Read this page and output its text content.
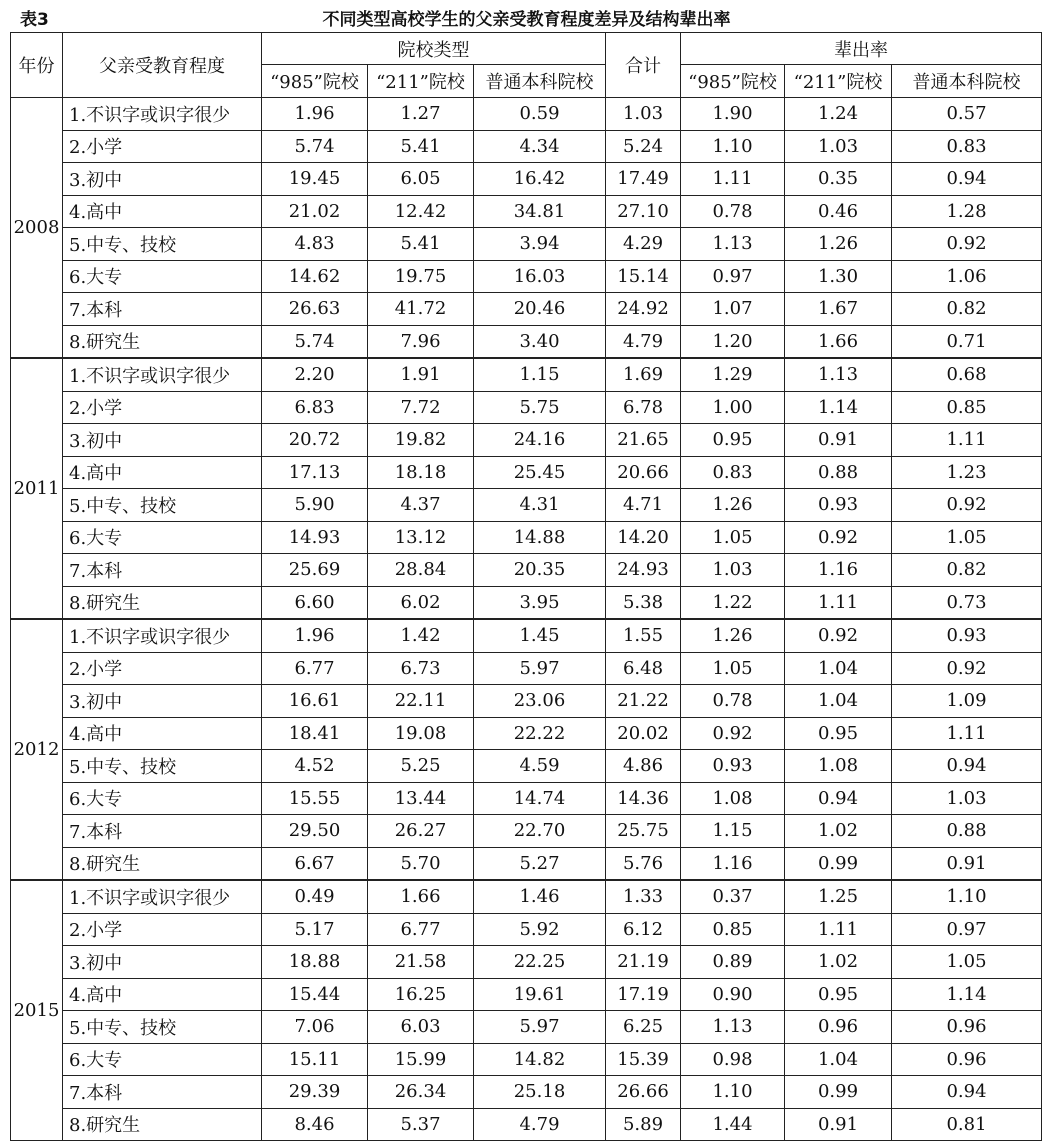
表3	不同类型高校学生的父亲受教育程度差异及结构辈出率
年份	父亲受教育程度	院校类型			合计	辈出率		
		“985”院校	“211”院校	普通本科院校		“985”院校	“211”院校	普通本科院校
2008	1.不识字或识字很少	1.96	1.27	0.59	1.03	1.90	1.24	0.57
	2.小学	5.74	5.41	4.34	5.24	1.10	1.03	0.83
	3.初中	19.45	6.05	16.42	17.49	1.11	0.35	0.94
	4.高中	21.02	12.42	34.81	27.10	0.78	0.46	1.28
	5.中专、技校	4.83	5.41	3.94	4.29	1.13	1.26	0.92
	6.大专	14.62	19.75	16.03	15.14	0.97	1.30	1.06
	7.本科	26.63	41.72	20.46	24.92	1.07	1.67	0.82
	8.研究生	5.74	7.96	3.40	4.79	1.20	1.66	0.71
2011	1.不识字或识字很少	2.20	1.91	1.15	1.69	1.29	1.13	0.68
	2.小学	6.83	7.72	5.75	6.78	1.00	1.14	0.85
	3.初中	20.72	19.82	24.16	21.65	0.95	0.91	1.11
	4.高中	17.13	18.18	25.45	20.66	0.83	0.88	1.23
	5.中专、技校	5.90	4.37	4.31	4.71	1.26	0.93	0.92
	6.大专	14.93	13.12	14.88	14.20	1.05	0.92	1.05
	7.本科	25.69	28.84	20.35	24.93	1.03	1.16	0.82
	8.研究生	6.60	6.02	3.95	5.38	1.22	1.11	0.73
2012	1.不识字或识字很少	1.96	1.42	1.45	1.55	1.26	0.92	0.93
	2.小学	6.77	6.73	5.97	6.48	1.05	1.04	0.92
	3.初中	16.61	22.11	23.06	21.22	0.78	1.04	1.09
	4.高中	18.41	19.08	22.22	20.02	0.92	0.95	1.11
	5.中专、技校	4.52	5.25	4.59	4.86	0.93	1.08	0.94
	6.大专	15.55	13.44	14.74	14.36	1.08	0.94	1.03
	7.本科	29.50	26.27	22.70	25.75	1.15	1.02	0.88
	8.研究生	6.67	5.70	5.27	5.76	1.16	0.99	0.91
2015	1.不识字或识字很少	0.49	1.66	1.46	1.33	0.37	1.25	1.10
	2.小学	5.17	6.77	5.92	6.12	0.85	1.11	0.97
	3.初中	18.88	21.58	22.25	21.19	0.89	1.02	1.05
	4.高中	15.44	16.25	19.61	17.19	0.90	0.95	1.14
	5.中专、技校	7.06	6.03	5.97	6.25	1.13	0.96	0.96
	6.大专	15.11	15.99	14.82	15.39	0.98	1.04	0.96
	7.本科	29.39	26.34	25.18	26.66	1.10	0.99	0.94
	8.研究生	8.46	5.37	4.79	5.89	1.44	0.91	0.81
